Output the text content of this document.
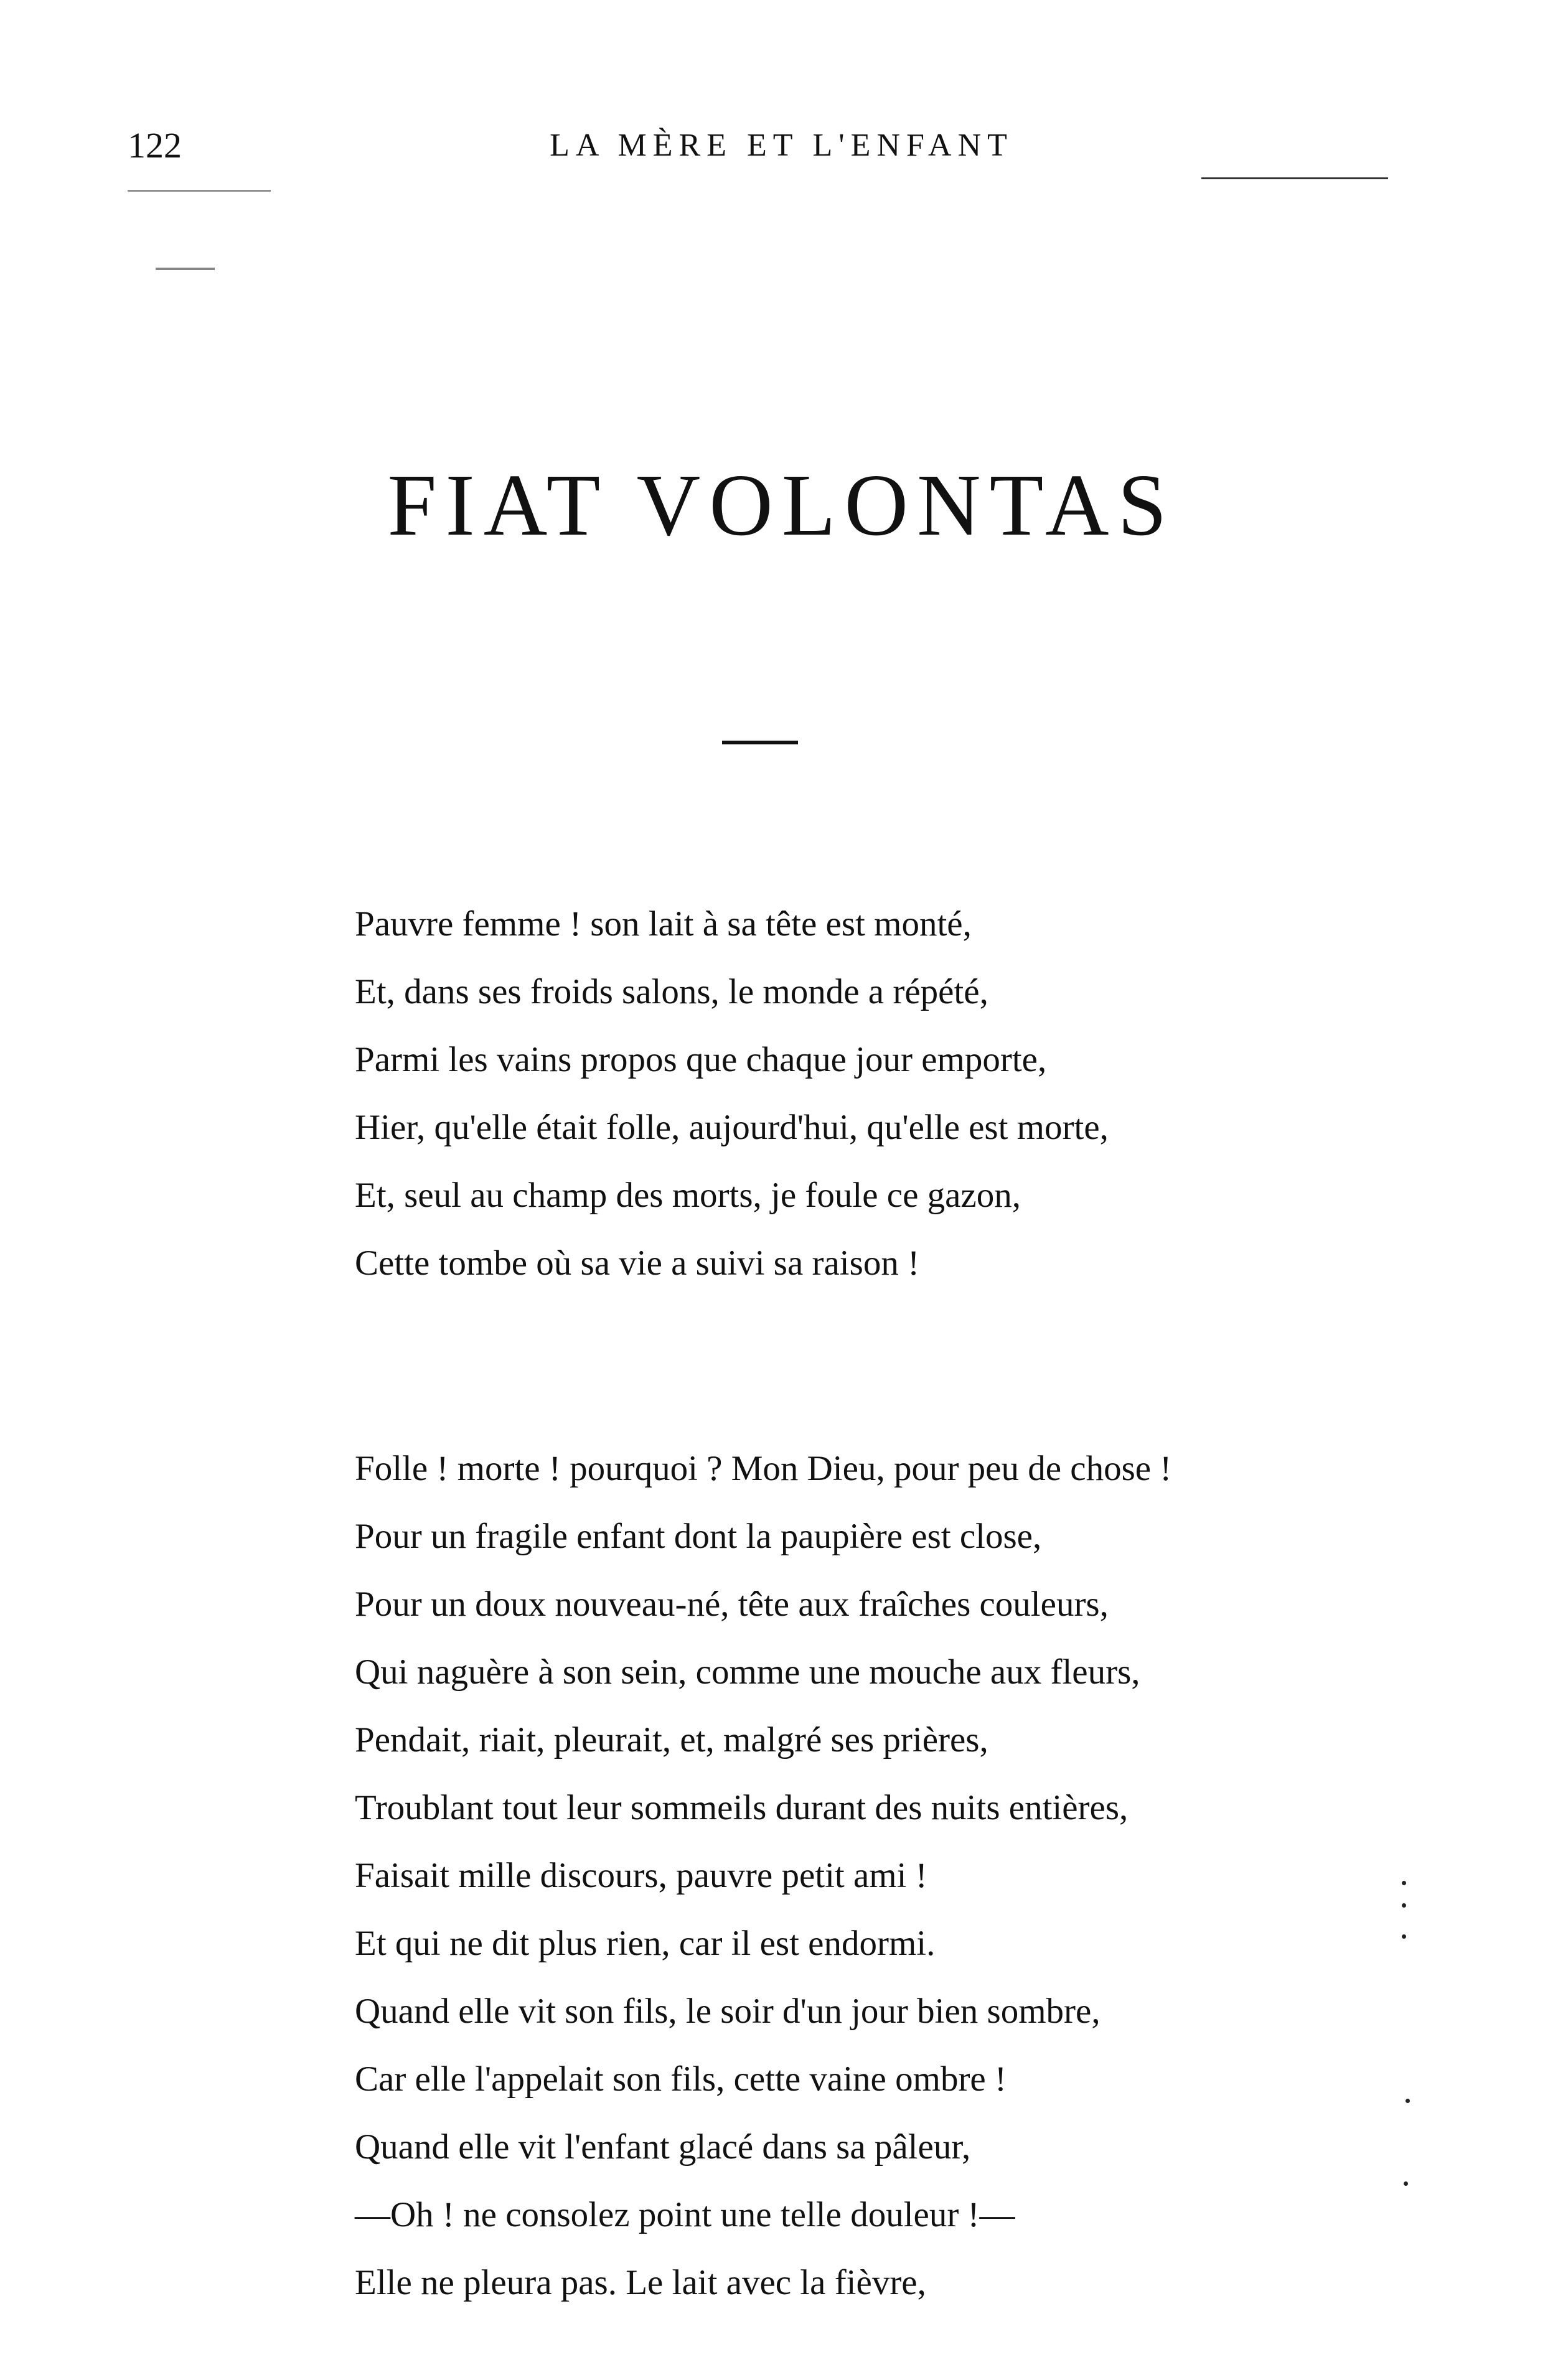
122	LA MÈRE ET L'ENFANT
FIAT VOLONTAS
Pauvre femme ! son lait à sa tête est monté,
Et, dans ses froids salons, le monde a répété,
Parmi les vains propos que chaque jour emporte,
Hier, qu'elle était folle, aujourd'hui, qu'elle est morte,
Et, seul au champ des morts, je foule ce gazon,
Cette tombe où sa vie a suivi sa raison !
Folle ! morte ! pourquoi ? Mon Dieu, pour peu de chose !
Pour un fragile enfant dont la paupière est close,
Pour un doux nouveau-né, tête aux fraîches couleurs,
Qui naguère à son sein, comme une mouche aux fleurs,
Pendait, riait, pleurait, et, malgré ses prières,
Troublant tout leur sommeils durant des nuits entières,
Faisait mille discours, pauvre petit ami !
Et qui ne dit plus rien, car il est endormi.
Quand elle vit son fils, le soir d'un jour bien sombre,
Car elle l'appelait son fils, cette vaine ombre !
Quand elle vit l'enfant glacé dans sa pâleur,
—Oh ! ne consolez point une telle douleur !—
Elle ne pleura pas. Le lait avec la fièvre,
